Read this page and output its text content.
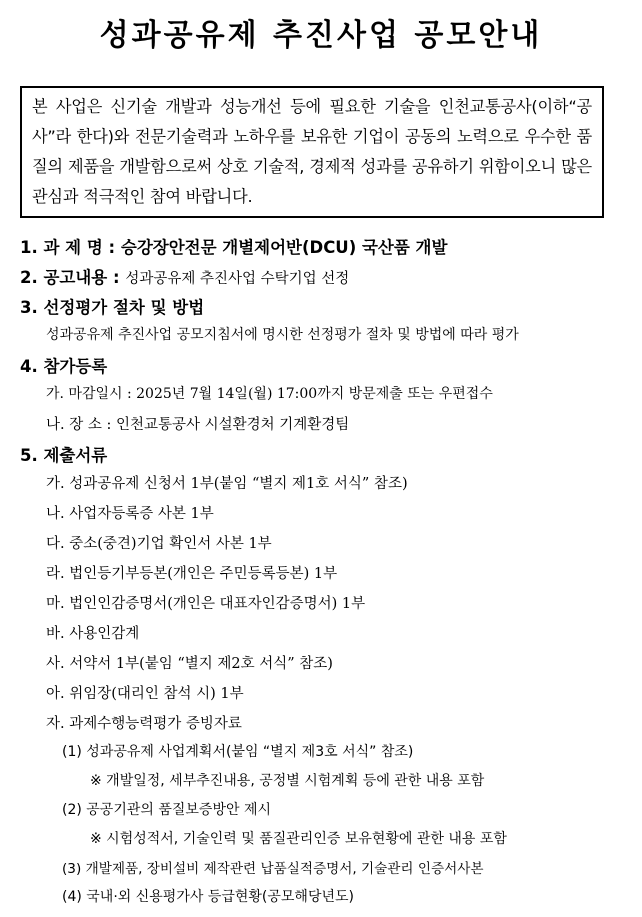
성과공유제 추진사업 공모안내
본 사업은 신기술 개발과 성능개선 등에 필요한 기술을 인천교통공사(이하“공사”라 한다)와 전문기술력과 노하우를 보유한 기업이 공동의 노력으로 우수한 품질의 제품을 개발함으로써 상호 기술적, 경제적 성과를 공유하기 위함이오니 많은 관심과 적극적인 참여 바랍니다.
1. 과 제 명 : 승강장안전문 개별제어반(DCU) 국산품 개발
2. 공고내용 : 성과공유제 추진사업 수탁기업 선정
3. 선정평가 절차 및 방법
성과공유제 추진사업 공모지침서에 명시한 선정평가 절차 및 방법에 따라 평가
4. 참가등록
가. 마감일시 : 2025년 7월 14일(월) 17:00까지 방문제출 또는 우편접수
나. 장 소 : 인천교통공사 시설환경처 기계환경팀
5. 제출서류
가. 성과공유제 신청서 1부(붙임 “별지 제1호 서식” 참조)
나. 사업자등록증 사본 1부
다. 중소(중견)기업 확인서 사본 1부
라. 법인등기부등본(개인은 주민등록등본) 1부
마. 법인인감증명서(개인은 대표자인감증명서) 1부
바. 사용인감계
사. 서약서 1부(붙임 “별지 제2호 서식” 참조)
아. 위임장(대리인 참석 시) 1부
자. 과제수행능력평가 증빙자료
(1) 성과공유제 사업계획서(붙임 “별지 제3호 서식” 참조)
※ 개발일정, 세부추진내용, 공정별 시험계획 등에 관한 내용 포함
(2) 공공기관의 품질보증방안 제시
※ 시험성적서, 기술인력 및 품질관리인증 보유현황에 관한 내용 포함
(3) 개발제품, 장비설비 제작관련 납품실적증명서, 기술관리 인증서사본
(4) 국내·외 신용평가사 등급현황(공모해당년도)
